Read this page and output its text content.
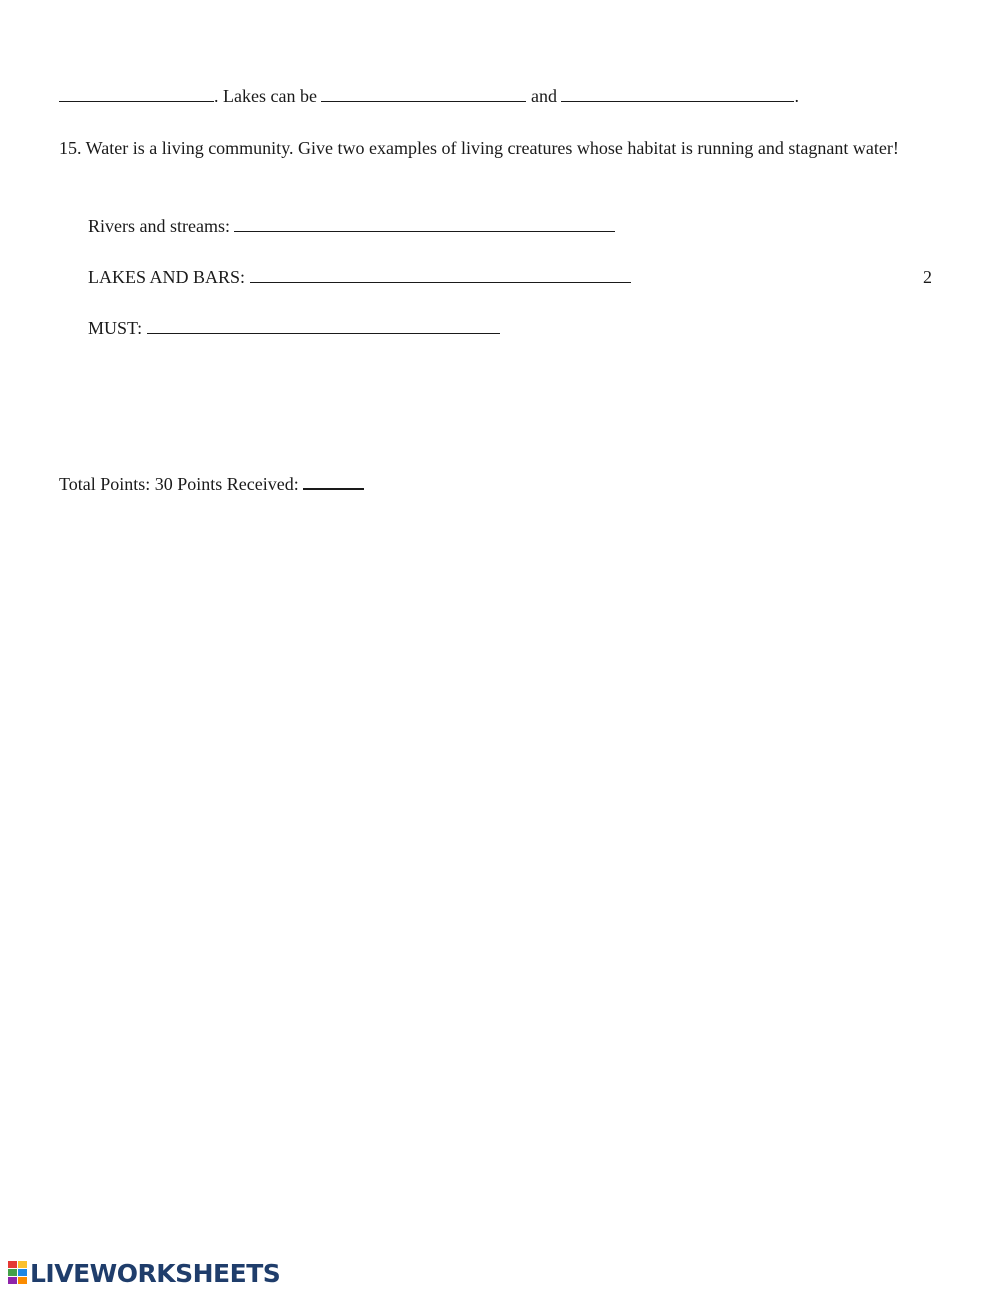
. Lakes can be	and	.
15. Water is a living community. Give two examples of living creatures whose habitat is running and stagnant water!
Rivers and streams:
LAKES AND BARS:	2
MUST:
Total Points: 30 Points Received:
LIVEWORKSHEETS
